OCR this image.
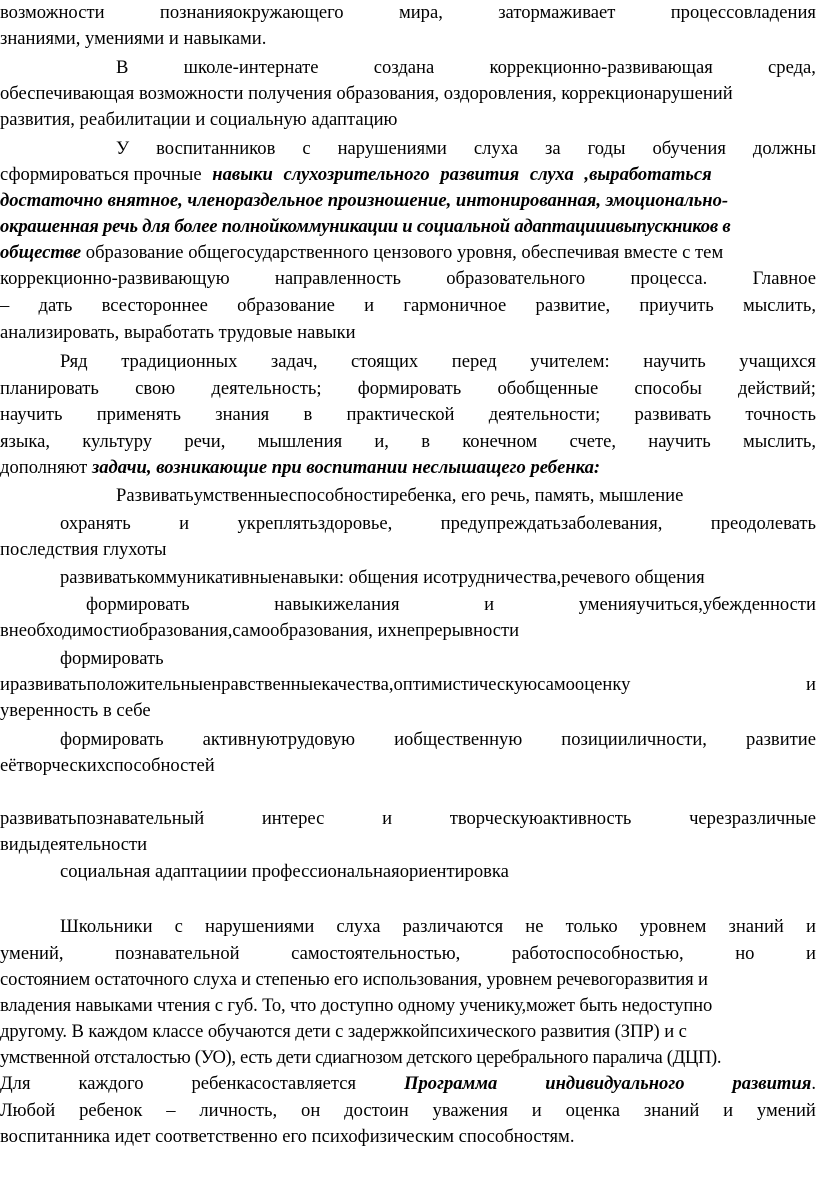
возможности	познанияокружающего	мира,	затормаживает	процессовладения
знаниями, умениями и навыками.
В	школе-интернате	создана	коррекционно-развивающая	среда,
обеспечивающая возможности получения образования, оздоровления, коррекционарушений
развития, реабилитации и социальную адаптацию
У воспитанников с нарушениями слуха за годы обучения должны
сформироваться прочные навыки слухозрительного развития слуха ,выработаться
достаточно внятное, членораздельное произношение, интонированная, эмоционально-
окрашенная речь для более полнойкоммуникации и социальной адаптацииивыпускников в
обществе образование общегосударственного цензового уровня, обеспечивая вместе с тем
коррекционно-развивающую направленность образовательного процесса. Главное
– дать всестороннее образование и гармоничное развитие, приучить мыслить,
анализировать, выработать трудовые навыки
Ряд традиционных задач, стоящих перед учителем: научить учащихся
планировать свою деятельность; формировать обобщенные способы действий;
научить применять знания в практической деятельности; развивать точность
языка, культуру речи, мышления и, в конечном счете, научить мыслить,
дополняют задачи, возникающие при воспитании неслышащего ребенка:
Развиватьумственныеспособностиребенка, его речь, память, мышление
охранять	и	укреплятьздоровье,	предупреждатьзаболевания,	преодолевать
последствия глухоты
развиватькоммуникативныенавыки: общения исотрудничества,речевого общения
формировать	навыкижелания	и	уменияучиться,убежденности
внеобходимостиобразования,самообразования, ихнепрерывности
формировать
иразвиватьположительныенравственныекачества,оптимистическуюсамооценку	и
уверенность в себе
формировать активнуютрудовую иобщественную позицииличности, развитие
еётворческихспособностей
развиватьпознавательный	интерес	и	творческуюактивность	черезразличные
видыдеятельности
социальная адаптациии профессиональнаяориентировка
Школьники с нарушениями слуха различаются не только уровнем знаний и
умений,	познавательной	самостоятельностью,	работоспособностью,	но	и
состоянием остаточного слуха и степенью его использования, уровнем речевогоразвития и
владения навыками чтения с губ. То, что доступно одному ученику,может быть недоступно
другому. В каждом классе обучаются дети с задержкойпсихического развития (ЗПР) и с
умственной отсталостью (УО), есть дети сдиагнозом детского церебрального паралича (ДЦП).
Для	каждого	ребенкасоставляется	Программа	индивидуального	развития.
Любой ребенок – личность, он достоин уважения и оценка знаний и умений
воспитанника идет соответственно его психофизическим способностям.
